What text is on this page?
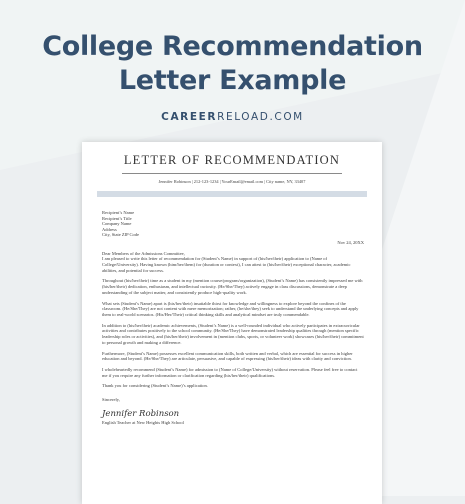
College Recommendation
Letter Example
CAREERRELOAD.COM
LETTER OF RECOMMENDATION
Jennifer Robinson | 212-123-1234 | YourEmail@email.com | City name, NY, 33407
Recipient’s Name
Recipient’s Title
Company Name
Address
City, State ZIP Code

Nov 24, 20XX

Dear Members of the Admissions Committee,

I am pleased to write this letter of recommendation for (Student’s Name) in support of (his/her/their) application to (Name of College/University). Having known (him/her/them) for (duration or context), I can attest to (his/her/their) exceptional character, academic abilities, and potential for success.

Throughout (his/her/their) time as a student in my (mention course/program/organization), (Student’s Name) has consistently impressed me with (his/her/their) dedication, enthusiasm, and intellectual curiosity. (He/She/They) actively engage in class discussions, demonstrate a deep understanding of the subject matter, and consistently produce high-quality work.

What sets (Student’s Name) apart is (his/her/their) insatiable thirst for knowledge and willingness to explore beyond the confines of the classroom. (He/She/They) are not content with mere memorization; rather, (he/she/they) seek to understand the underlying concepts and apply them to real-world scenarios. (His/Her/Their) critical thinking skills and analytical mindset are truly commendable.

In addition to (his/her/their) academic achievements, (Student’s Name) is a well-rounded individual who actively participates in extracurricular activities and contributes positively to the school community. (He/She/They) have demonstrated leadership qualities through (mention specific leadership roles or activities), and (his/her/their) involvement in (mention clubs, sports, or volunteer work) showcases (his/her/their) commitment to personal growth and making a difference.

Furthermore, (Student’s Name) possesses excellent communication skills, both written and verbal, which are essential for success in higher education and beyond. (He/She/They) are articulate, persuasive, and capable of expressing (his/her/their) ideas with clarity and conviction.

I wholeheartedly recommend (Student’s Name) for admission to (Name of College/University) without reservation. Please feel free to contact me if you require any further information or clarification regarding (his/her/their) qualifications.

Thank you for considering (Student’s Name)’s application.

Sincerely,

Jennifer Robinson
English Teacher at New Heights High School
